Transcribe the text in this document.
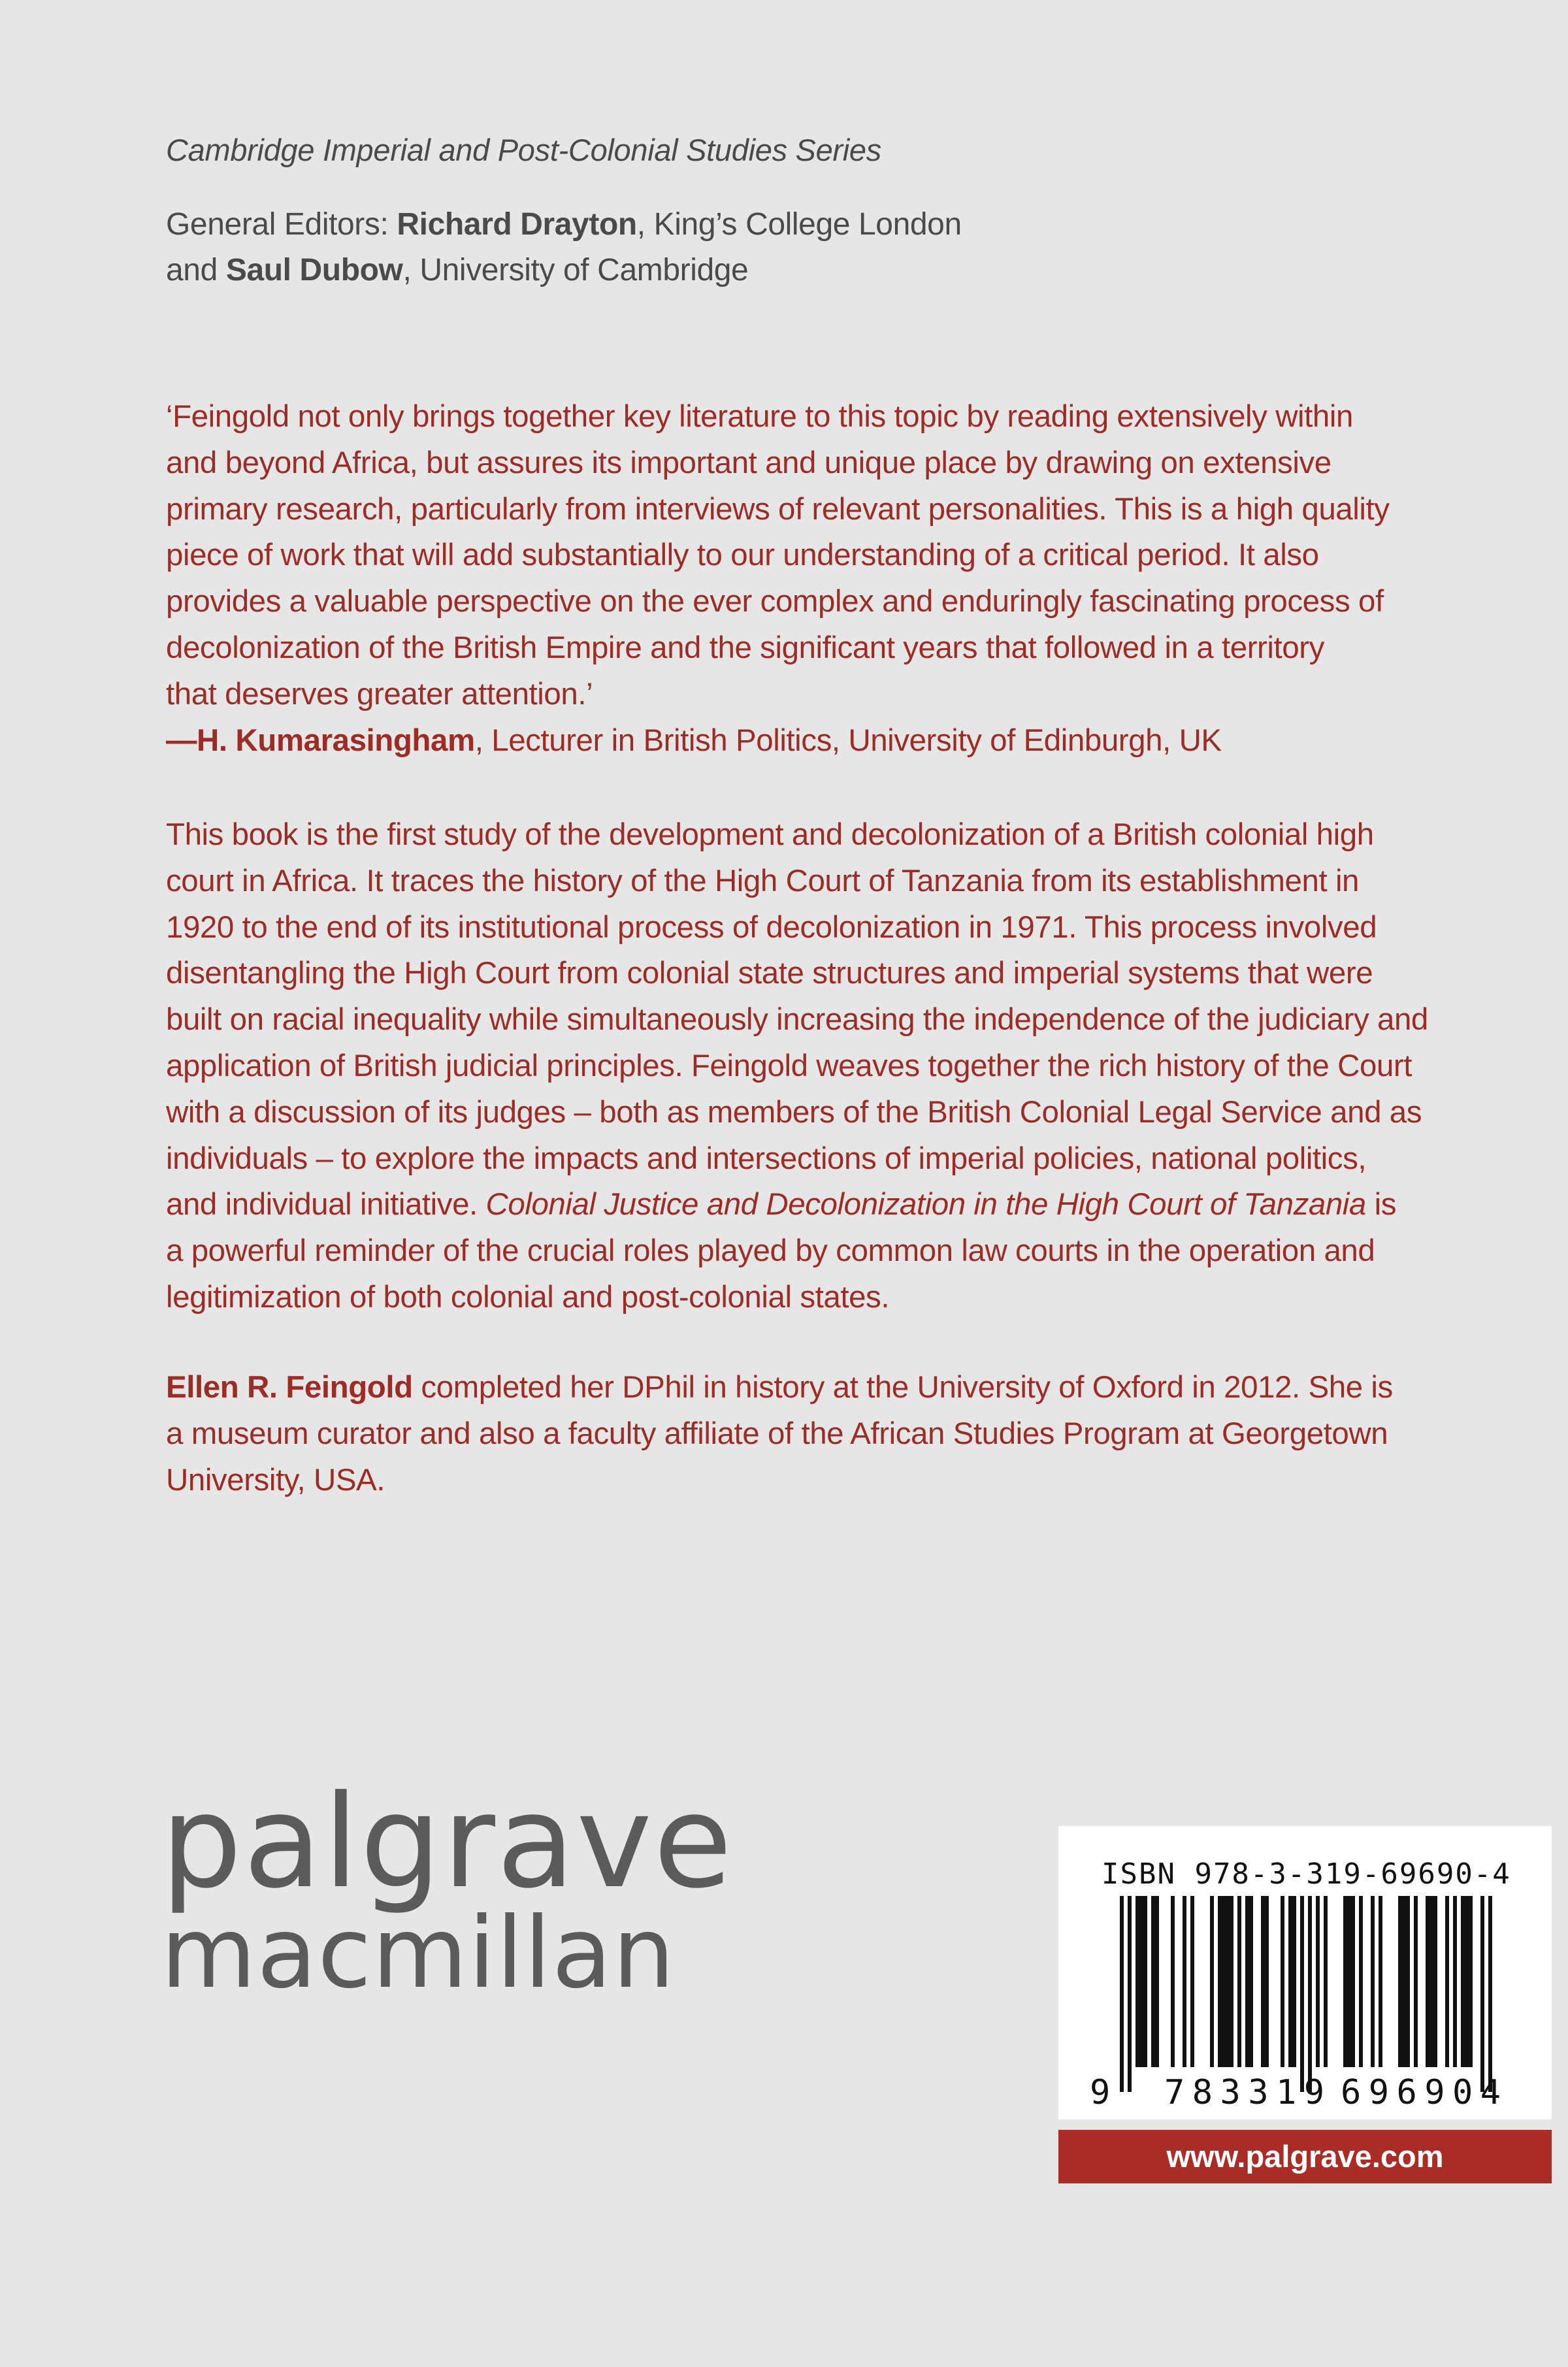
Cambridge Imperial and Post-Colonial Studies Series

General Editors: Richard Drayton, King’s College London

and Saul Dubow, University of Cambridge

‘Feingold not only brings together key literature to this topic by reading extensively within

and beyond Africa, but assures its important and unique place by drawing on extensive

primary research, particularly from interviews of relevant personalities. This is a high quality

piece of work that will add substantially to our understanding of a critical period. It also

provides a valuable perspective on the ever complex and enduringly fascinating process of

decolonization of the British Empire and the significant years that followed in a territory

that deserves greater attention.’

—H. Kumarasingham, Lecturer in British Politics, University of Edinburgh, UK

This book is the first study of the development and decolonization of a British colonial high

court in Africa. It traces the history of the High Court of Tanzania from its establishment in

1920 to the end of its institutional process of decolonization in 1971. This process involved

disentangling the High Court from colonial state structures and imperial systems that were

built on racial inequality while simultaneously increasing the independence of the judiciary and

application of British judicial principles. Feingold weaves together the rich history of the Court

with a discussion of its judges – both as members of the British Colonial Legal Service and as

individuals – to explore the impacts and intersections of imperial policies, national politics,

and individual initiative. Colonial Justice and Decolonization in the High Court of Tanzania is

a powerful reminder of the crucial roles played by common law courts in the operation and

legitimization of both colonial and post-colonial states.

Ellen R. Feingold completed her DPhil in history at the University of Oxford in 2012. She is

a museum curator and also a faculty affiliate of the African Studies Program at Georgetown

University, USA.

palgrave
macmillan
ISBN 978-3-319-69690-4
9 783319 696904
www.palgrave.com
